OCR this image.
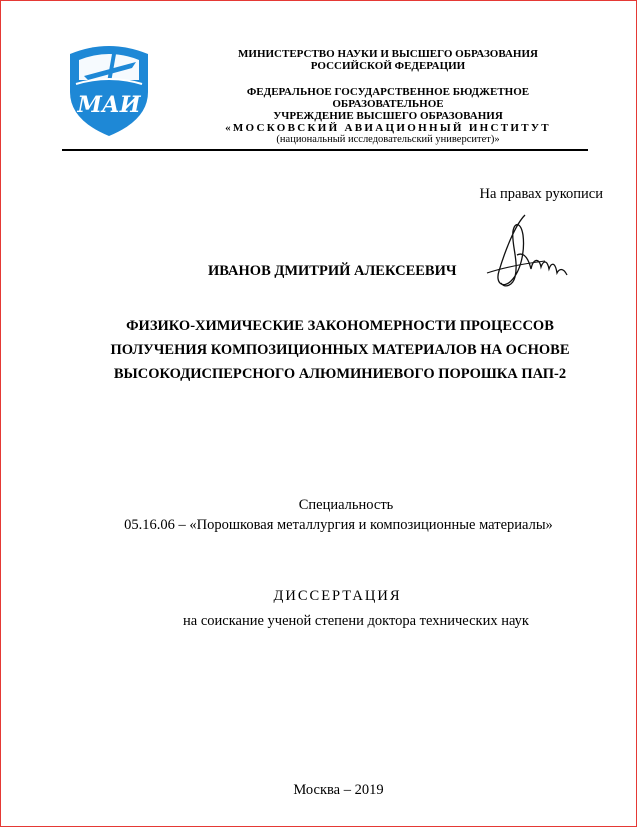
МАИ
МИНИСТЕРСТВО НАУКИ И ВЫСШЕГО ОБРАЗОВАНИЯ
РОССИЙСКОЙ ФЕДЕРАЦИИ
ФЕДЕРАЛЬНОЕ ГОСУДАРСТВЕННОЕ БЮДЖЕТНОЕ ОБРАЗОВАТЕЛЬНОЕ
УЧРЕЖДЕНИЕ ВЫСШЕГО ОБРАЗОВАНИЯ
«МОСКОВСКИЙ АВИАЦИОННЫЙ ИНСТИТУТ
(национальный исследовательский университет)»
На правах рукописи
ИВАНОВ ДМИТРИЙ АЛЕКСЕЕВИЧ
ФИЗИКО-ХИМИЧЕСКИЕ ЗАКОНОМЕРНОСТИ ПРОЦЕССОВ
ПОЛУЧЕНИЯ КОМПОЗИЦИОННЫХ МАТЕРИАЛОВ НА ОСНОВЕ
ВЫСОКОДИСПЕРСНОГО АЛЮМИНИЕВОГО ПОРОШКА ПАП-2
Специальность
05.16.06 – «Порошковая металлургия и композиционные материалы»
ДИССЕРТАЦИЯ
на соискание ученой степени доктора технических наук
Москва – 2019
